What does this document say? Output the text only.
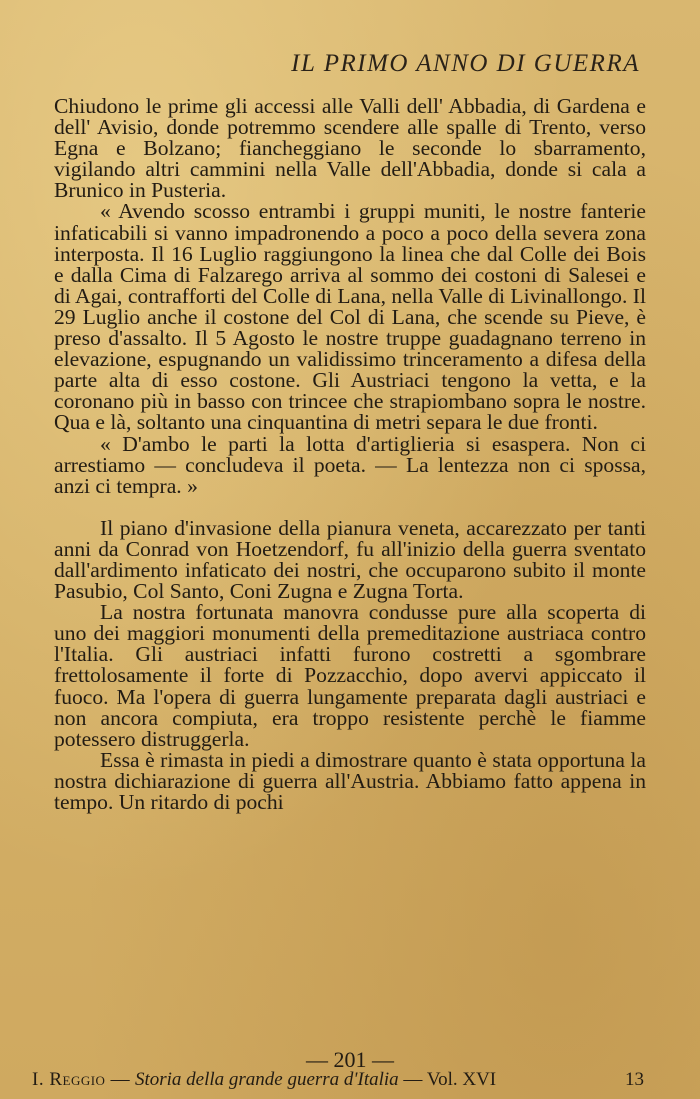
IL PRIMO ANNO DI GUERRA

Chiudono le prime gli accessi alle Valli dell' Abbadia, di Gardena e dell' Avisio, donde potremmo scendere alle spalle di Trento, verso Egna e Bolzano; fiancheggiano le seconde lo sbarramento, vigilando altri cammini nella Valle dell'Abbadia, donde si cala a Brunico in Pusteria.

« Avendo scosso entrambi i gruppi muniti, le nostre fanterie infaticabili si vanno impadronendo a poco a poco della severa zona interposta. Il 16 Luglio raggiungono la linea che dal Colle dei Bois e dalla Cima di Falzarego arriva al sommo dei costoni di Salesei e di Agai, contrafforti del Colle di Lana, nella Valle di Livinallongo. Il 29 Luglio anche il costone del Col di Lana, che scende su Pieve, è preso d'assalto. Il 5 Agosto le nostre truppe guadagnano terreno in elevazione, espugnando un validissimo trinceramento a difesa della parte alta di esso costone. Gli Austriaci tengono la vetta, e la coronano più in basso con trincee che strapiombano sopra le nostre. Qua e là, soltanto una cinquantina di metri separa le due fronti.

« D'ambo le parti la lotta d'artiglieria si esaspera. Non ci arrestiamo — concludeva il poeta. — La lentezza non ci spossa, anzi ci tempra. »

Il piano d'invasione della pianura veneta, accarezzato per tanti anni da Conrad von Hoetzendorf, fu all'inizio della guerra sventato dall'ardimento infaticato dei nostri, che occuparono subito il monte Pasubio, Col Santo, Coni Zugna e Zugna Torta.

La nostra fortunata manovra condusse pure alla scoperta di uno dei maggiori monumenti della premeditazione austriaca contro l'Italia. Gli austriaci infatti furono costretti a sgombrare frettolosamente il forte di Pozzacchio, dopo avervi appiccato il fuoco. Ma l'opera di guerra lungamente preparata dagli austriaci e non ancora compiuta, era troppo resistente perchè le fiamme potessero distruggerla.

Essa è rimasta in piedi a dimostrare quanto è stata opportuna la nostra dichiarazione di guerra all'Austria. Abbiamo fatto appena in tempo. Un ritardo di pochi

— 201 —
I. Reggio — Storia della grande guerra d'Italia — Vol. XVI	13
